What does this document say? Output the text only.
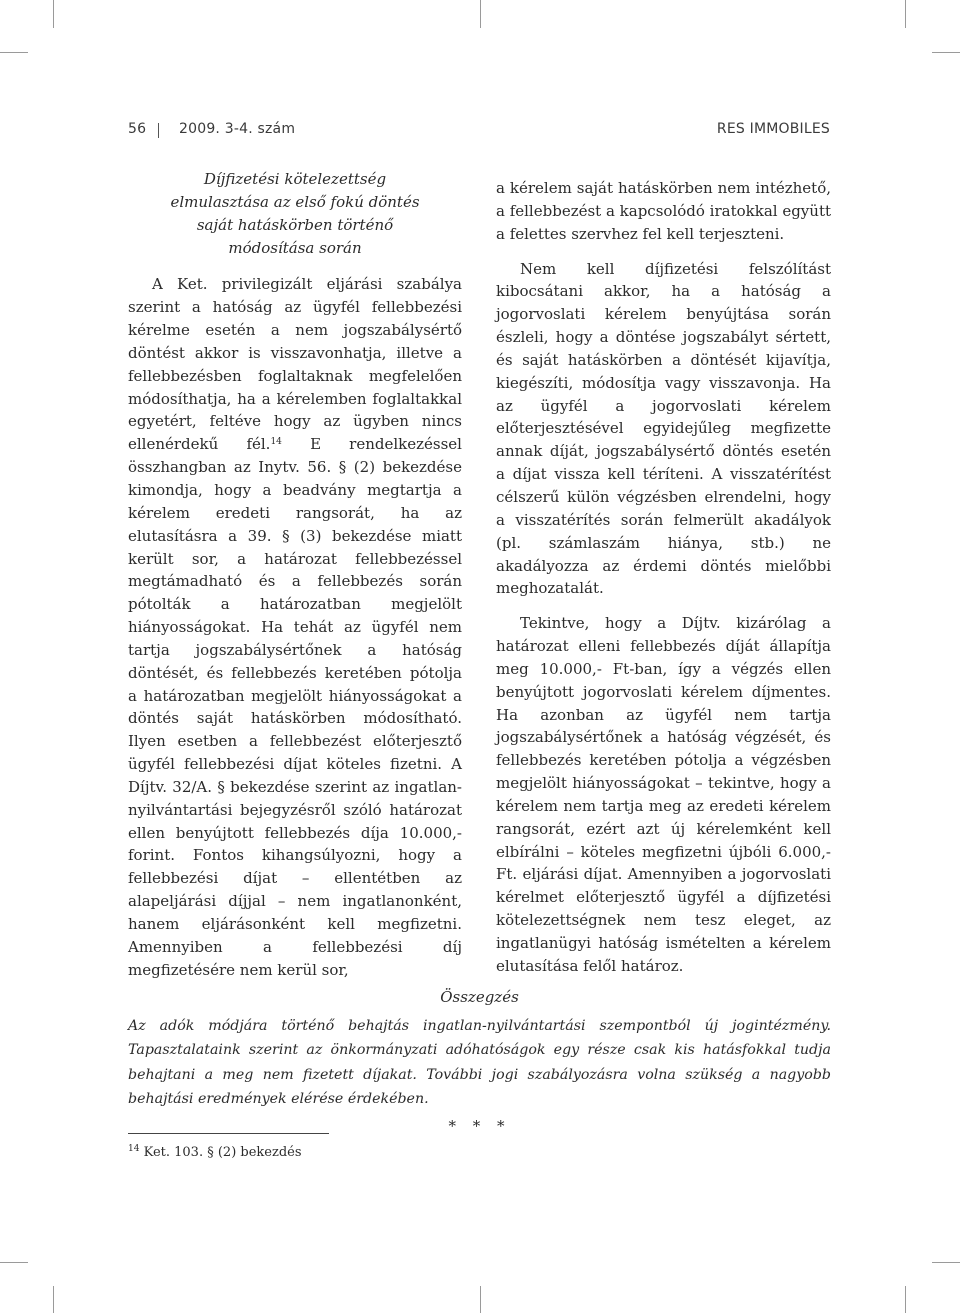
56 2009. 3-4. szám	RES IMMOBILES

Díjfizetési kötelezettség elmulasztása az első fokú döntés saját hatáskörben történő módosítása során

A Ket. privilegizált eljárási szabálya szerint a hatóság az ügyfél fellebbezési kérelme esetén a nem jogszabálysértő döntést akkor is visszavonhatja, illetve a fellebbezésben foglaltaknak megfelelően módosíthatja, ha a kérelemben foglaltakkal egyetért, feltéve hogy az ügyben nincs ellenérdekű fél.$^{14}$ E rendelkezéssel összhangban az Inytv. 56. § (2) bekezdése kimondja, hogy a beadvány megtartja a kérelem eredeti rangsorát, ha az elutasításra a 39. § (3) bekezdése miatt került sor, a határozat fellebbezéssel megtámadható és a fellebbezés során pótolták a határozatban megjelölt hiányosságokat. Ha tehát az ügyfél nem tartja jogszabálysértőnek a hatóság döntését, és fellebbezés keretében pótolja a határozatban megjelölt hiányosságokat a döntés saját hatáskörben módosítható. Ilyen esetben a fellebbezést előterjesztő ügyfél fellebbezési díjat köteles fizetni. A Díjtv. 32/A. § bekezdése szerint az ingatlan-nyilvántartási bejegyzésről szóló határozat ellen benyújtott fellebbezés díja 10.000,- forint. Fontos kihangsúlyozni, hogy a fellebbezési díjat – ellentétben az alapeljárási díjjal – nem ingatlanonként, hanem eljárásonként kell megfizetni. Amennyiben a fellebbezési díj megfizetésére nem kerül sor,

a kérelem saját hatáskörben nem intézhető, a fellebbezést a kapcsolódó iratokkal együtt a felettes szervhez fel kell terjeszteni.

Nem kell díjfizetési felszólítást kibocsátani akkor, ha a hatóság a jogorvoslati kérelem benyújtása során észleli, hogy a döntése jogszabályt sértett, és saját hatáskörben a döntését kijavítja, kiegészíti, módosítja vagy visszavonja. Ha az ügyfél a jogorvoslati kérelem előterjesztésével egyidejűleg megfizette annak díját, jogszabálysértő döntés esetén a díjat vissza kell téríteni. A visszatérítést célszerű külön végzésben elrendelni, hogy a visszatérítés során felmerült akadályok (pl. számlaszám hiánya, stb.) ne akadályozza az érdemi döntés mielőbbi meghozatalát.

Tekintve, hogy a Díjtv. kizárólag a határozat elleni fellebbezés díját állapítja meg 10.000,- Ft-ban, így a végzés ellen benyújtott jogorvoslati kérelem díjmentes. Ha azonban az ügyfél nem tartja jogszabálysértőnek a hatóság végzését, és fellebbezés keretében pótolja a végzésben megjelölt hiányosságokat – tekintve, hogy a kérelem nem tartja meg az eredeti kérelem rangsorát, ezért azt új kérelemként kell elbírálni – köteles megfizetni újbóli 6.000,- Ft. eljárási díjat. Amennyiben a jogorvoslati kérelmet előterjesztő ügyfél a díjfizetési kötelezettségnek nem tesz eleget, az ingatlanügyi hatóság ismételten a kérelem elutasítása felől határoz.

Összegzés
Az adók módjára történő behajtás ingatlan-nyilvántartási szempontból új jogintézmény. Tapasztalataink szerint az önkormányzati adóhatóságok egy része csak kis hatásfokkal tudja behajtani a meg nem fizetett díjakat. További jogi szabályozásra volna szükség a nagyobb behajtási eredmények elérése érdekében.
* * *
$^{14}$ Ket. 103. § (2) bekezdés
